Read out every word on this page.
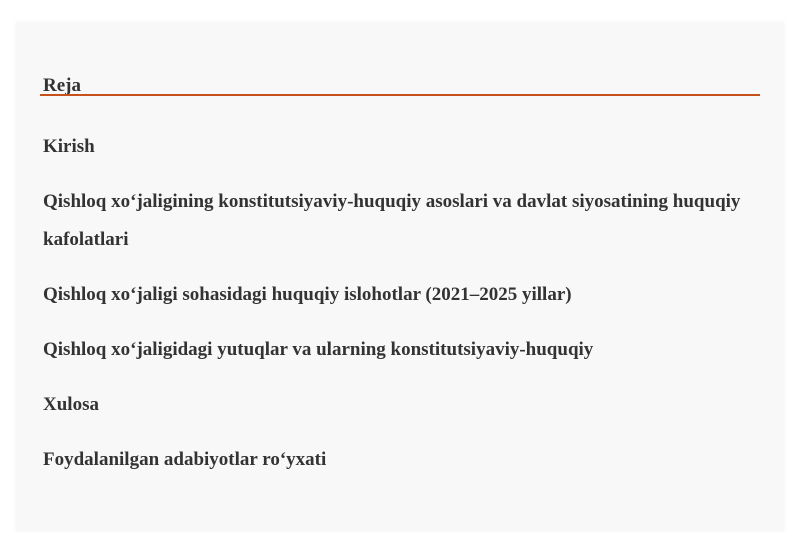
Reja
Kirish
Qishloq xo‘jaligining konstitutsiyaviy-huquqiy asoslari va davlat siyosatining huquqiy kafolatlari
Qishloq xo‘jaligi sohasidagi huquqiy islohotlar (2021–2025 yillar)
Qishloq xo‘jaligidagi yutuqlar va ularning konstitutsiyaviy-huquqiy
Xulosa
Foydalanilgan adabiyotlar ro‘yxati
